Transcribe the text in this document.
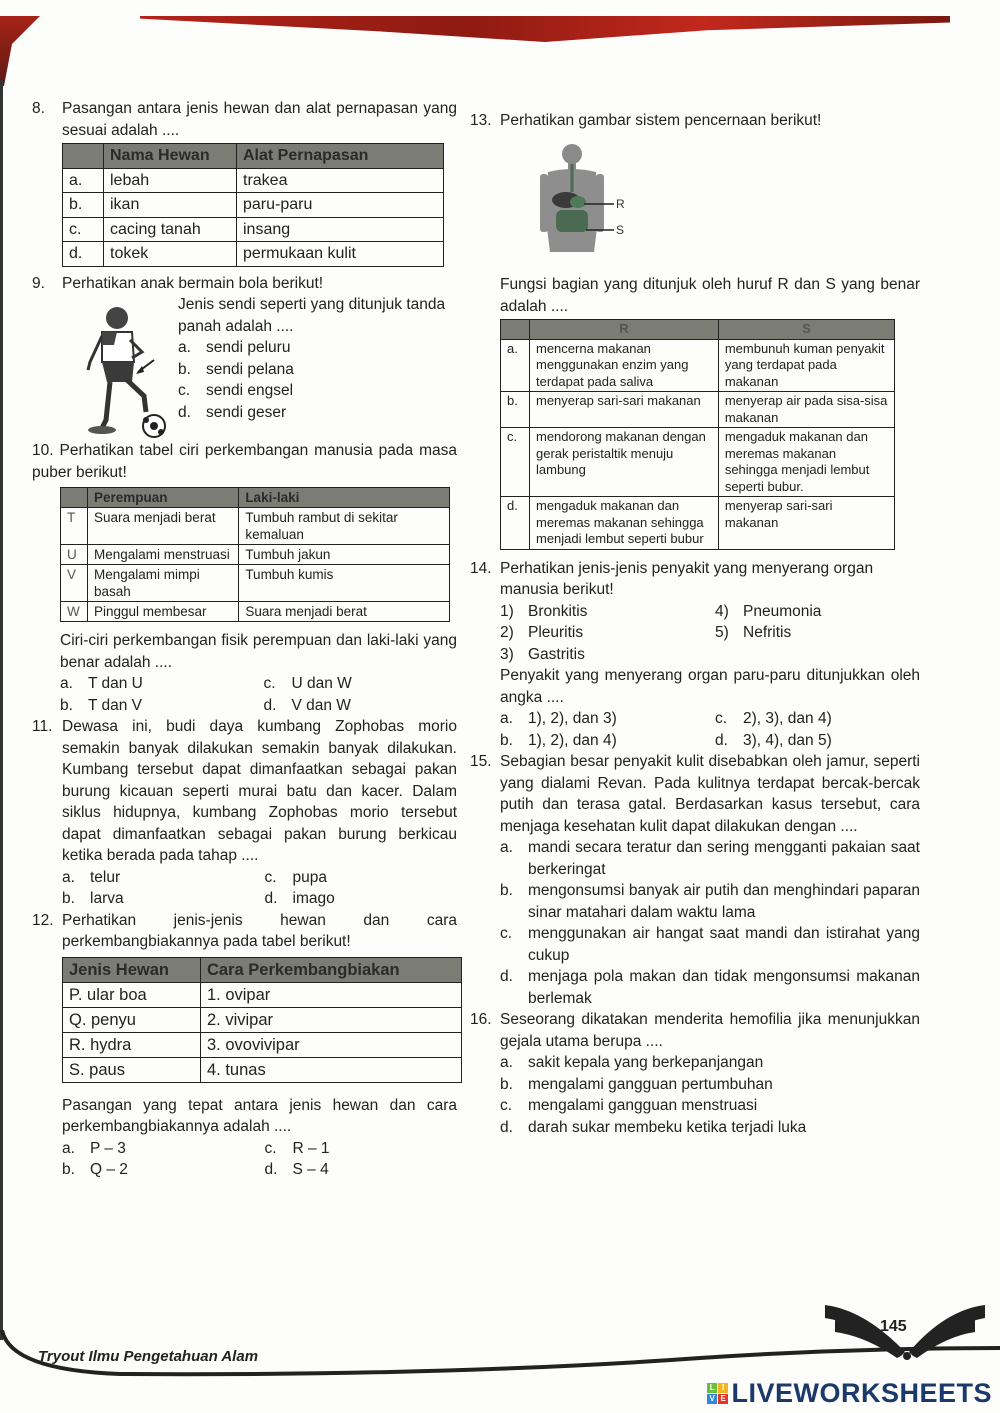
8. Pasangan antara jenis hewan dan alat pernapasan yang sesuai adalah ....
	Nama Hewan	Alat Pernapasan
a.	lebah	trakea
b.	ikan	paru-paru
c.	cacing tanah	insang
d.	tokek	permukaan kulit
9. Perhatikan anak bermain bola berikut!
Jenis sendi seperti yang ditunjuk tanda panah adalah ....
a. sendi peluru
b. sendi pelana
c.	sendi engsel
d. sendi geser
10. Perhatikan tabel ciri perkembangan manusia pada masa puber berikut!
	Perempuan	Laki-laki
T	Suara menjadi berat	Tumbuh rambut di sekitar kemaluan
U	Mengalami menstruasi	Tumbuh jakun
V	Mengalami mimpi basah	Tumbuh kumis
W	Pinggul membesar	Suara menjadi berat
Ciri-ciri perkembangan fisik perempuan dan laki-laki yang benar adalah ....
a. T dan U	c.	U dan W
b. T dan V	d. V dan W
11. Dewasa ini, budi daya kumbang Zophobas morio semakin banyak dilakukan semakin banyak dilakukan. Kumbang tersebut dapat dimanfaatkan sebagai pakan burung kicauan seperti murai batu dan kacer. Dalam siklus hidupnya, kumbang Zophobas morio tersebut dapat dimanfaatkan sebagai pakan burung berkicau ketika berada pada tahap ....
a. telur	c.	pupa
b. larva	d. imago
12. Perhatikan jenis-jenis hewan dan cara perkembangbiakannya pada tabel berikut!
Jenis Hewan	Cara Perkembangbiakan
P. ular boa	1. ovipar
Q. penyu	2. vivipar
R. hydra	3. ovovivipar
S. paus	4. tunas
Pasangan yang tepat antara jenis hewan dan cara perkembangbiakannya adalah ....
a. P – 3	c.	R – 1
b. Q – 2	d. S – 4
13. Perhatikan gambar sistem pencernaan berikut!
R
S
Fungsi bagian yang ditunjuk oleh huruf R dan S yang benar adalah ....
	R	S
a.	mencerna makanan menggunakan enzim yang terdapat pada saliva	membunuh kuman penyakit yang terdapat pada makanan
b.	menyerap sari-sari makanan	menyerap air pada sisa-sisa makanan
c.	mendorong makanan dengan gerak peristaltik menuju lambung	mengaduk makanan dan meremas makanan sehingga menjadi lembut seperti bubur.
d.	mengaduk makanan dan meremas makanan sehingga menjadi lembut seperti bubur	menyerap sari-sari makanan
14. Perhatikan jenis-jenis penyakit yang menyerang organ manusia berikut!
1) Bronkitis	4) Pneumonia
2) Pleuritis	5) Nefritis
3) Gastritis
Penyakit yang menyerang organ paru-paru ditunjukkan oleh angka ....
a. 1), 2), dan 3)	c.	2), 3), dan 4)
b. 1), 2), dan 4)	d. 3), 4), dan 5)
15. Sebagian besar penyakit kulit disebabkan oleh jamur, seperti yang dialami Revan. Pada kulitnya terdapat bercak-bercak putih dan terasa gatal. Berdasarkan kasus tersebut, cara menjaga kesehatan kulit dapat dilakukan dengan ....
a. mandi secara teratur dan sering mengganti pakaian saat berkeringat
b. mengonsumsi banyak air putih dan menghindari paparan sinar matahari dalam waktu lama
c.	menggunakan air hangat saat mandi dan istirahat yang cukup
d. menjaga pola makan dan tidak mengonsumsi makanan berlemak
16. Seseorang dikatakan menderita hemofilia jika menunjukkan gejala utama berupa ....
a. sakit kepala yang berkepanjangan
b. mengalami gangguan pertumbuhan
c.	mengalami gangguan menstruasi
d. darah sukar membeku ketika terjadi luka
145
Tryout Ilmu Pengetahuan Alam
L I
V E LIVEWORKSHEETS
